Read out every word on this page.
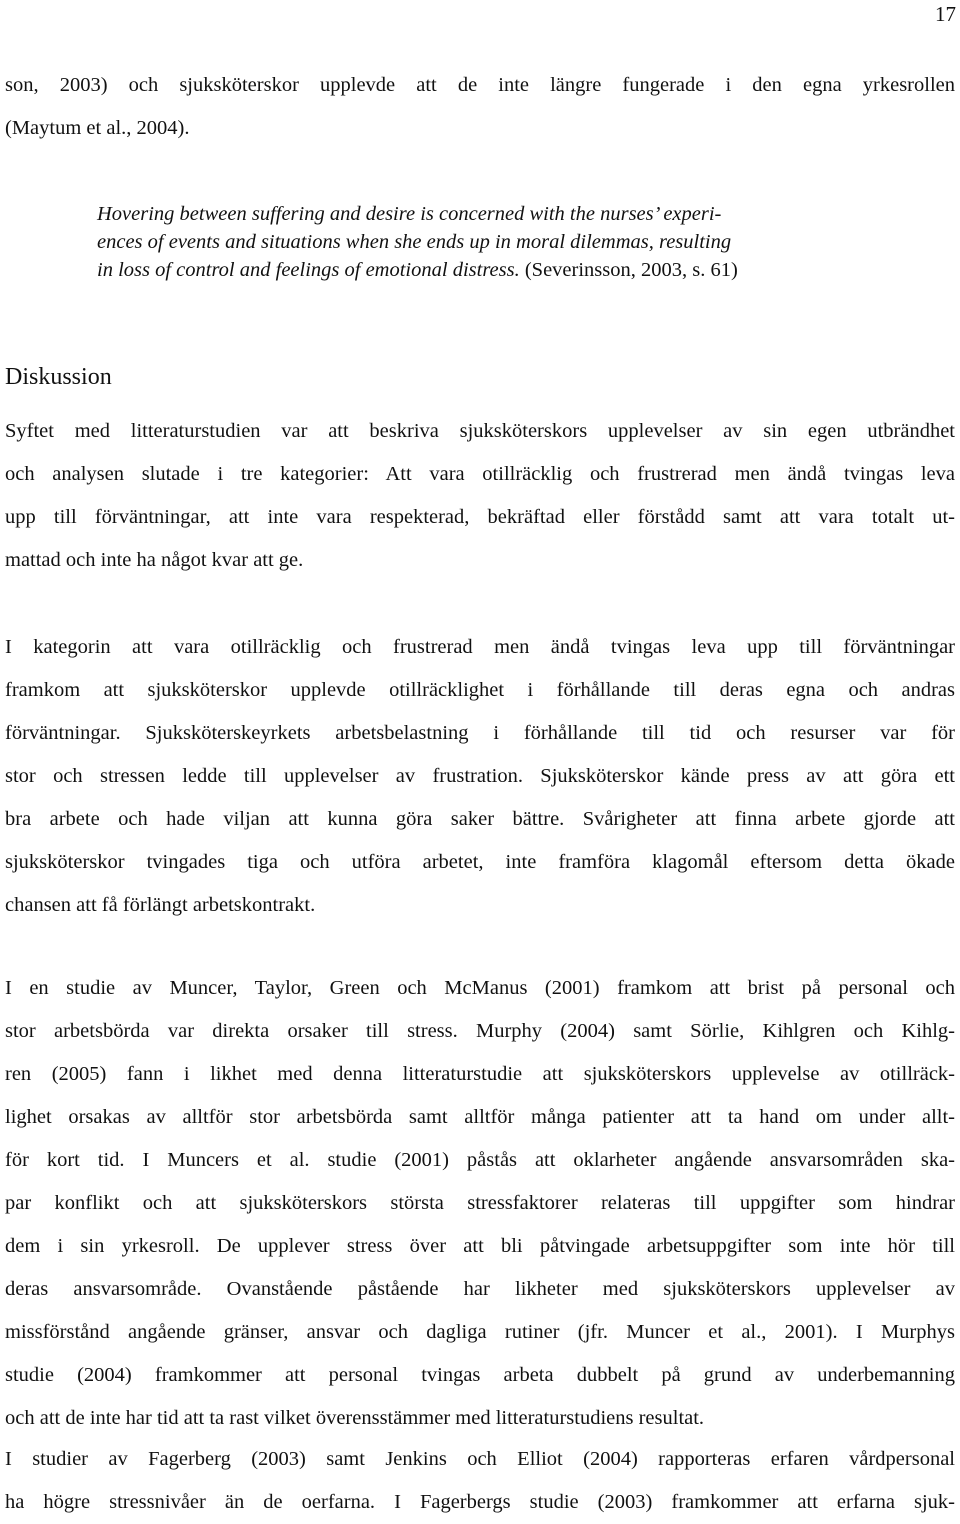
17

son, 2003) och sjuksköterskor upplevde att de inte längre fungerade i den egna yrkesrollen
(Maytum et al., 2004).

Hovering between suffering and desire is concerned with the nurses’ experi-
ences of events and situations when she ends up in moral dilemmas, resulting
in loss of control and feelings of emotional distress. (Severinsson, 2003, s. 61)
Diskussion

Syftet med litteraturstudien var att beskriva sjuksköterskors upplevelser av sin egen utbrändhet
och analysen slutade i tre kategorier: Att vara otillräcklig och frustrerad men ändå tvingas leva
upp till förväntningar, att inte vara respekterad, bekräftad eller förstådd samt att vara totalt ut-
mattad och inte ha något kvar att ge.

I kategorin att vara otillräcklig och frustrerad men ändå tvingas leva upp till förväntningar
framkom att sjuksköterskor upplevde otillräcklighet i förhållande till deras egna och andras
förväntningar. Sjuksköterskeyrkets arbetsbelastning i förhållande till tid och resurser var för
stor och stressen ledde till upplevelser av frustration. Sjuksköterskor kände press av att göra ett
bra arbete och hade viljan att kunna göra saker bättre. Svårigheter att finna arbete gjorde att
sjuksköterskor tvingades tiga och utföra arbetet, inte framföra klagomål eftersom detta ökade
chansen att få förlängt arbetskontrakt.

I en studie av Muncer, Taylor, Green och McManus (2001) framkom att brist på personal och
stor arbetsbörda var direkta orsaker till stress. Murphy (2004) samt Sörlie, Kihlgren och Kihlg-
ren (2005) fann i likhet med denna litteraturstudie att sjuksköterskors upplevelse av otillräck-
lighet orsakas av alltför stor arbetsbörda samt alltför många patienter att ta hand om under allt-
för kort tid. I Muncers et al. studie (2001) påstås att oklarheter angående ansvarsområden ska-
par konflikt och att sjuksköterskors största stressfaktorer relateras till uppgifter som hindrar
dem i sin yrkesroll. De upplever stress över att bli påtvingade arbetsuppgifter som inte hör till
deras ansvarsområde. Ovanstående påstående har likheter med sjuksköterskors upplevelser av
missförstånd angående gränser, ansvar och dagliga rutiner (jfr. Muncer et al., 2001). I Murphys
studie (2004) framkommer att personal tvingas arbeta dubbelt på grund av underbemanning
och att de inte har tid att ta rast vilket överensstämmer med litteraturstudiens resultat.

I studier av Fagerberg (2003) samt Jenkins och Elliot (2004) rapporteras erfaren vårdpersonal
ha högre stressnivåer än de oerfarna. I Fagerbergs studie (2003) framkommer att erfarna sjuk-
